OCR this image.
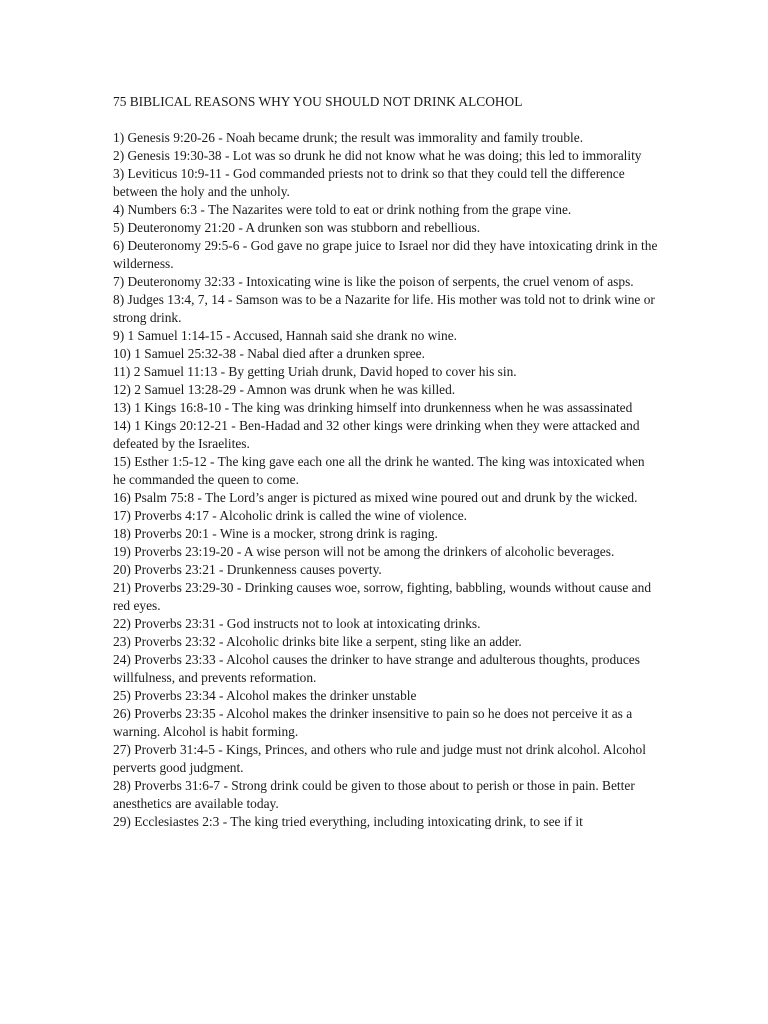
75 BIBLICAL REASONS WHY YOU SHOULD NOT DRINK ALCOHOL

1) Genesis 9:20-26 - Noah became drunk; the result was immorality and family trouble.

2) Genesis 19:30-38 - Lot was so drunk he did not know what he was doing; this led to immorality

3) Leviticus 10:9-11 - God commanded priests not to drink so that they could tell the difference between the holy and the unholy.

4) Numbers 6:3 - The Nazarites were told to eat or drink nothing from the grape vine.

5) Deuteronomy 21:20 - A drunken son was stubborn and rebellious.

6) Deuteronomy 29:5-6 - God gave no grape juice to Israel nor did they have intoxicating drink in the wilderness.

7) Deuteronomy 32:33 - Intoxicating wine is like the poison of serpents, the cruel venom of asps.

8) Judges 13:4, 7, 14 - Samson was to be a Nazarite for life. His mother was told not to drink wine or strong drink.

9) 1 Samuel 1:14-15 - Accused, Hannah said she drank no wine.

10) 1 Samuel 25:32-38 - Nabal died after a drunken spree.

11) 2 Samuel 11:13 - By getting Uriah drunk, David hoped to cover his sin.

12) 2 Samuel 13:28-29 - Amnon was drunk when he was killed.

13) 1 Kings 16:8-10 - The king was drinking himself into drunkenness when he was assassinated

14) 1 Kings 20:12-21 - Ben-Hadad and 32 other kings were drinking when they were attacked and defeated by the Israelites.

15) Esther 1:5-12 - The king gave each one all the drink he wanted. The king was intoxicated when he commanded the queen to come.

16) Psalm 75:8 - The Lord’s anger is pictured as mixed wine poured out and drunk by the wicked.

17) Proverbs 4:17 - Alcoholic drink is called the wine of violence.

18) Proverbs 20:1 - Wine is a mocker, strong drink is raging.

19) Proverbs 23:19-20 - A wise person will not be among the drinkers of alcoholic beverages.

20) Proverbs 23:21 - Drunkenness causes poverty.

21) Proverbs 23:29-30 - Drinking causes woe, sorrow, fighting, babbling, wounds without cause and red eyes.

22) Proverbs 23:31 - God instructs not to look at intoxicating drinks.

23) Proverbs 23:32 - Alcoholic drinks bite like a serpent, sting like an adder.

24) Proverbs 23:33 - Alcohol causes the drinker to have strange and adulterous thoughts, produces willfulness, and prevents reformation.

25) Proverbs 23:34 - Alcohol makes the drinker unstable

26) Proverbs 23:35 - Alcohol makes the drinker insensitive to pain so he does not perceive it as a warning. Alcohol is habit forming.

27) Proverb 31:4-5 - Kings, Princes, and others who rule and judge must not drink alcohol. Alcohol perverts good judgment.

28) Proverbs 31:6-7 - Strong drink could be given to those about to perish or those in pain. Better anesthetics are available today.

29) Ecclesiastes 2:3 - The king tried everything, including intoxicating drink, to see if it
